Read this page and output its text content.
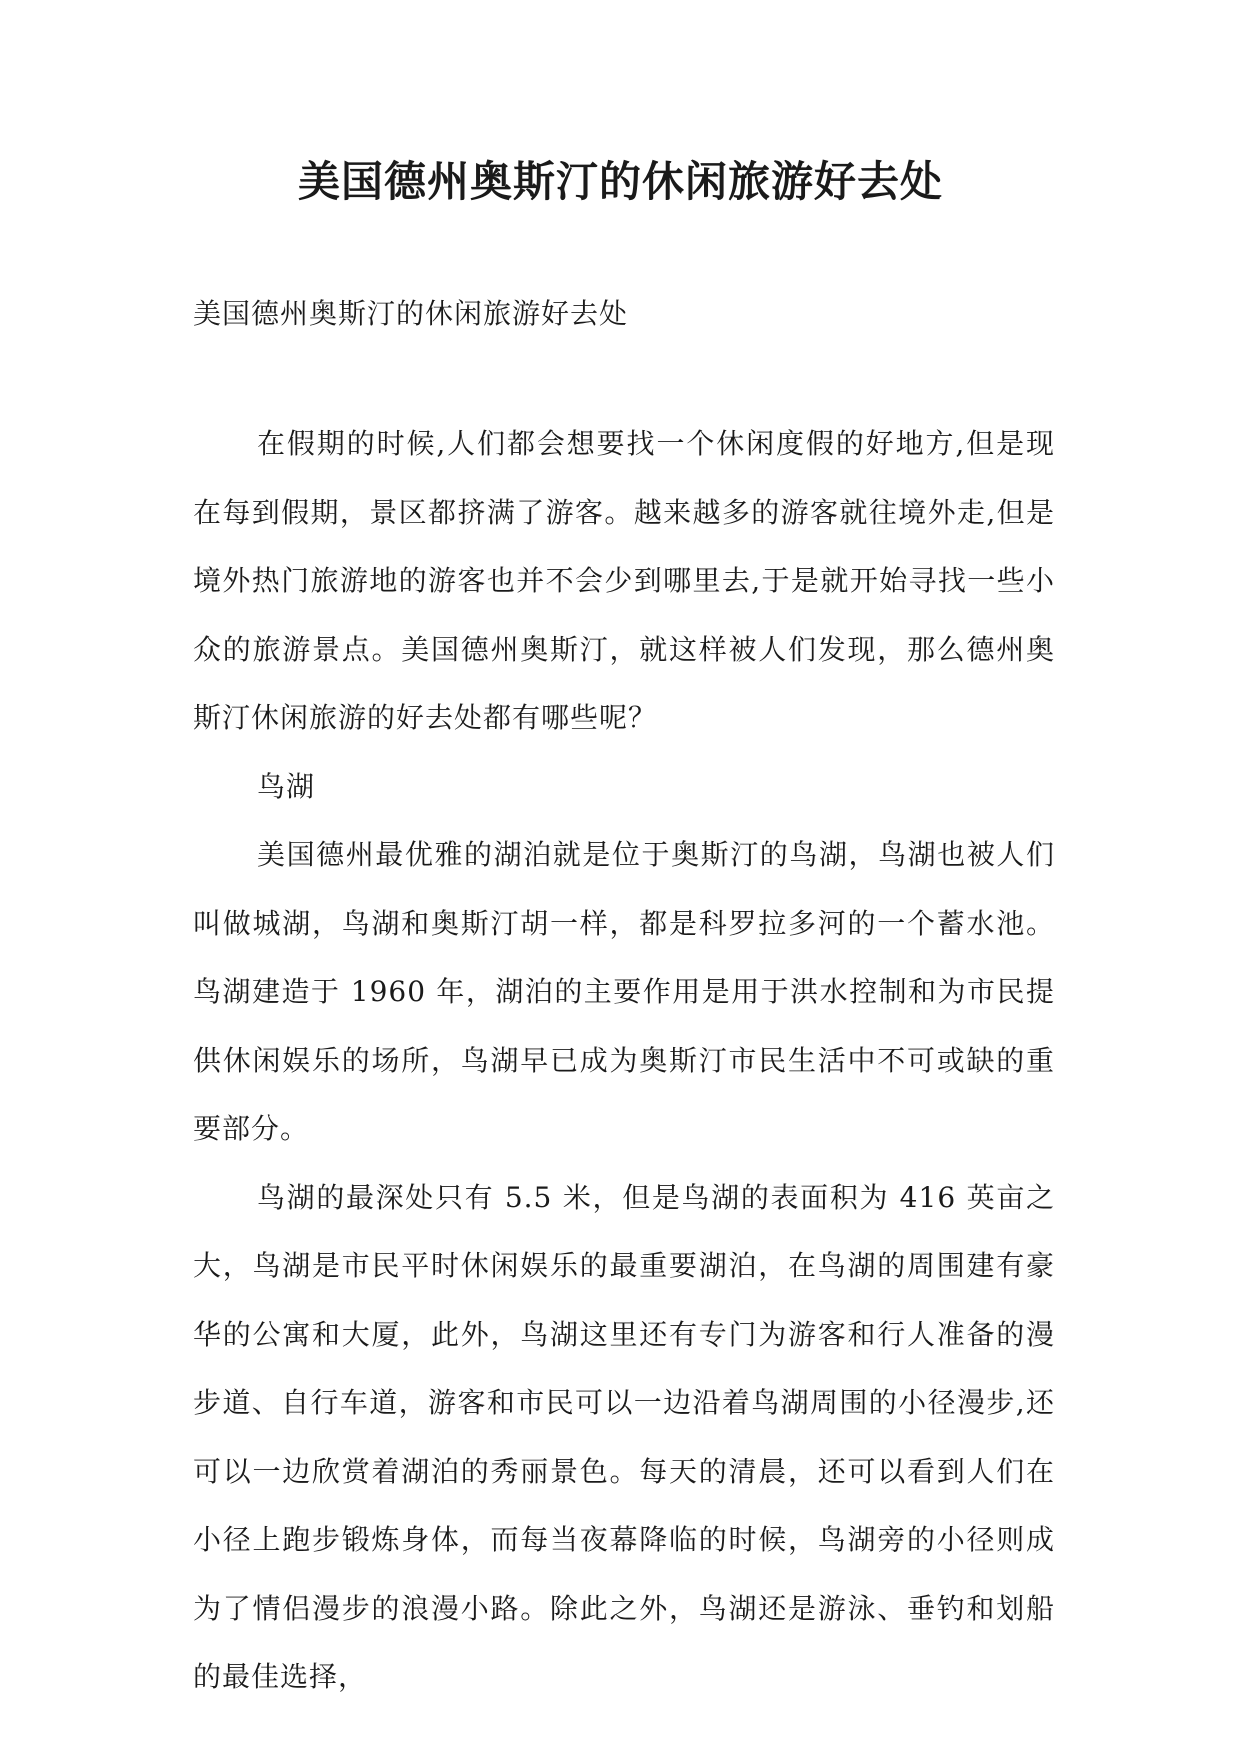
美国德州奥斯汀的休闲旅游好去处
美国德州奥斯汀的休闲旅游好去处

在假期的时候,人们都会想要找一个休闲度假的好地方,但是现在每到假期，景区都挤满了游客。越来越多的游客就往境外走,但是境外热门旅游地的游客也并不会少到哪里去,于是就开始寻找一些小众的旅游景点。美国德州奥斯汀，就这样被人们发现，那么德州奥斯汀休闲旅游的好去处都有哪些呢？

鸟湖

美国德州最优雅的湖泊就是位于奥斯汀的鸟湖，鸟湖也被人们叫做城湖，鸟湖和奥斯汀胡一样，都是科罗拉多河的一个蓄水池。鸟湖建造于 1960 年，湖泊的主要作用是用于洪水控制和为市民提供休闲娱乐的场所，鸟湖早已成为奥斯汀市民生活中不可或缺的重要部分。

鸟湖的最深处只有 5.5 米，但是鸟湖的表面积为 416 英亩之大，鸟湖是市民平时休闲娱乐的最重要湖泊，在鸟湖的周围建有豪华的公寓和大厦，此外，鸟湖这里还有专门为游客和行人准备的漫步道、自行车道，游客和市民可以一边沿着鸟湖周围的小径漫步,还可以一边欣赏着湖泊的秀丽景色。每天的清晨，还可以看到人们在小径上跑步锻炼身体，而每当夜幕降临的时候，鸟湖旁的小径则成为了情侣漫步的浪漫小路。除此之外，鸟湖还是游泳、垂钓和划船的最佳选择，
